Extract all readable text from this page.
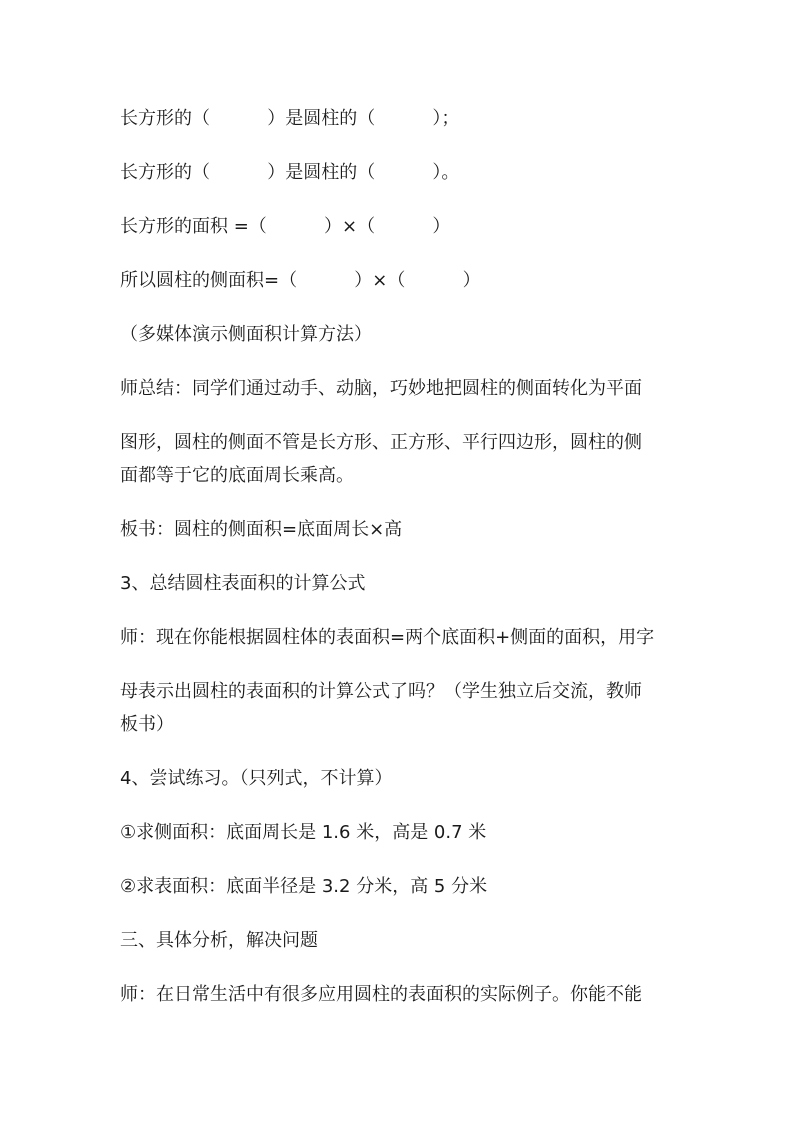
长方形的（          ）是圆柱的（          ）；
长方形的（          ）是圆柱的（          ）。
长方形的面积 =（          ）×（          ）
所以圆柱的侧面积=（          ）×（          ）
（多媒体演示侧面积计算方法）
师总结：同学们通过动手、动脑，巧妙地把圆柱的侧面转化为平面
图形，圆柱的侧面不管是长方形、正方形、平行四边形，圆柱的侧
面都等于它的底面周长乘高。
板书：圆柱的侧面积=底面周长×高
3、总结圆柱表面积的计算公式
师：现在你能根据圆柱体的表面积=两个底面积+侧面的面积，用字
母表示出圆柱的表面积的计算公式了吗？（学生独立后交流，教师
板书）
4、尝试练习。（只列式，不计算）
①求侧面积：底面周长是 1.6 米，高是 0.7 米
②求表面积：底面半径是 3.2 分米，高 5 分米
三、具体分析，解决问题
师：在日常生活中有很多应用圆柱的表面积的实际例子。你能不能
